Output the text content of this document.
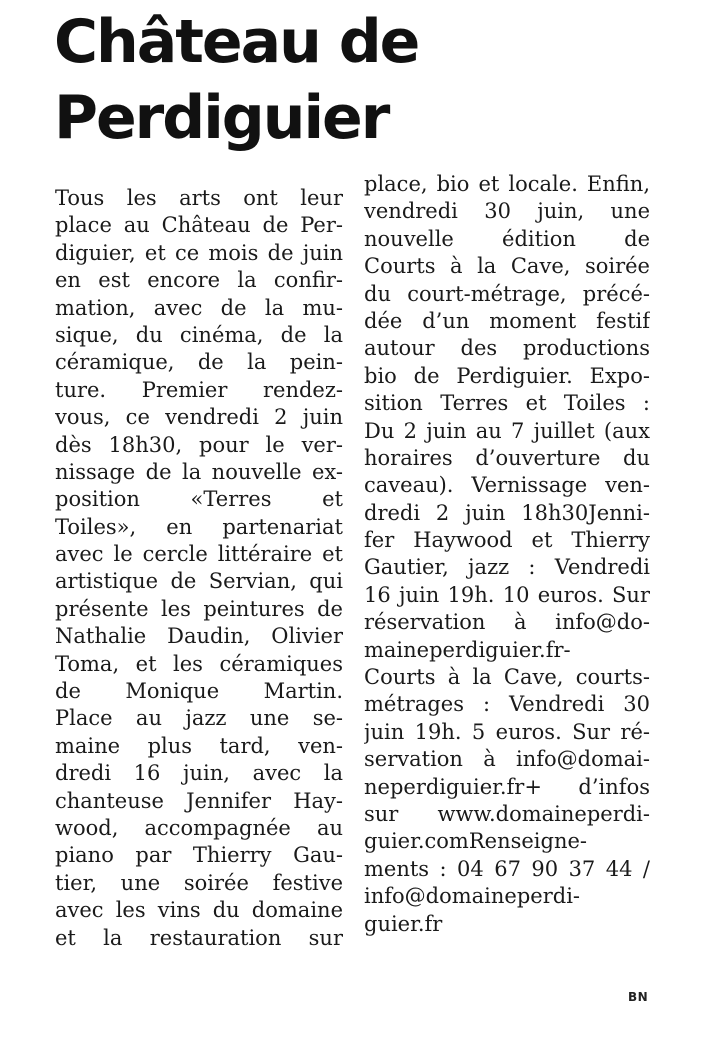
Château de
Perdiguier
Tous les arts ont leur
place au Château de Per-
diguier, et ce mois de juin
en est encore la confir-
mation, avec de la mu-
sique, du cinéma, de la
céramique, de la pein-
ture. Premier rendez-
vous, ce vendredi 2 juin
dès 18h30, pour le ver-
nissage de la nouvelle ex-
position «Terres et
Toiles», en partenariat
avec le cercle littéraire et
artistique de Servian, qui
présente les peintures de
Nathalie Daudin, Olivier
Toma, et les céramiques
de Monique Martin.
Place au jazz une se-
maine plus tard, ven-
dredi 16 juin, avec la
chanteuse Jennifer Hay-
wood, accompagnée au
piano par Thierry Gau-
tier, une soirée festive
avec les vins du domaine
et la restauration sur
place, bio et locale. Enfin,
vendredi 30 juin, une
nouvelle édition de
Courts à la Cave, soirée
du court-métrage, précé-
dée d’un moment festif
autour des productions
bio de Perdiguier. Expo-
sition Terres et Toiles :
Du 2 juin au 7 juillet (aux
horaires d’ouverture du
caveau). Vernissage ven-
dredi 2 juin 18h30Jenni-
fer Haywood et Thierry
Gautier, jazz : Vendredi
16 juin 19h. 10 euros. Sur
réservation à info@do-
maineperdiguier.fr-
Courts à la Cave, courts-
métrages : Vendredi 30
juin 19h. 5 euros. Sur ré-
servation à info@domai-
neperdiguier.fr+ d’infos
sur www.domaineperdi-
guier.comRenseigne-
ments : 04 67 90 37 44 /
info@domaineperdi-
guier.fr
BN
